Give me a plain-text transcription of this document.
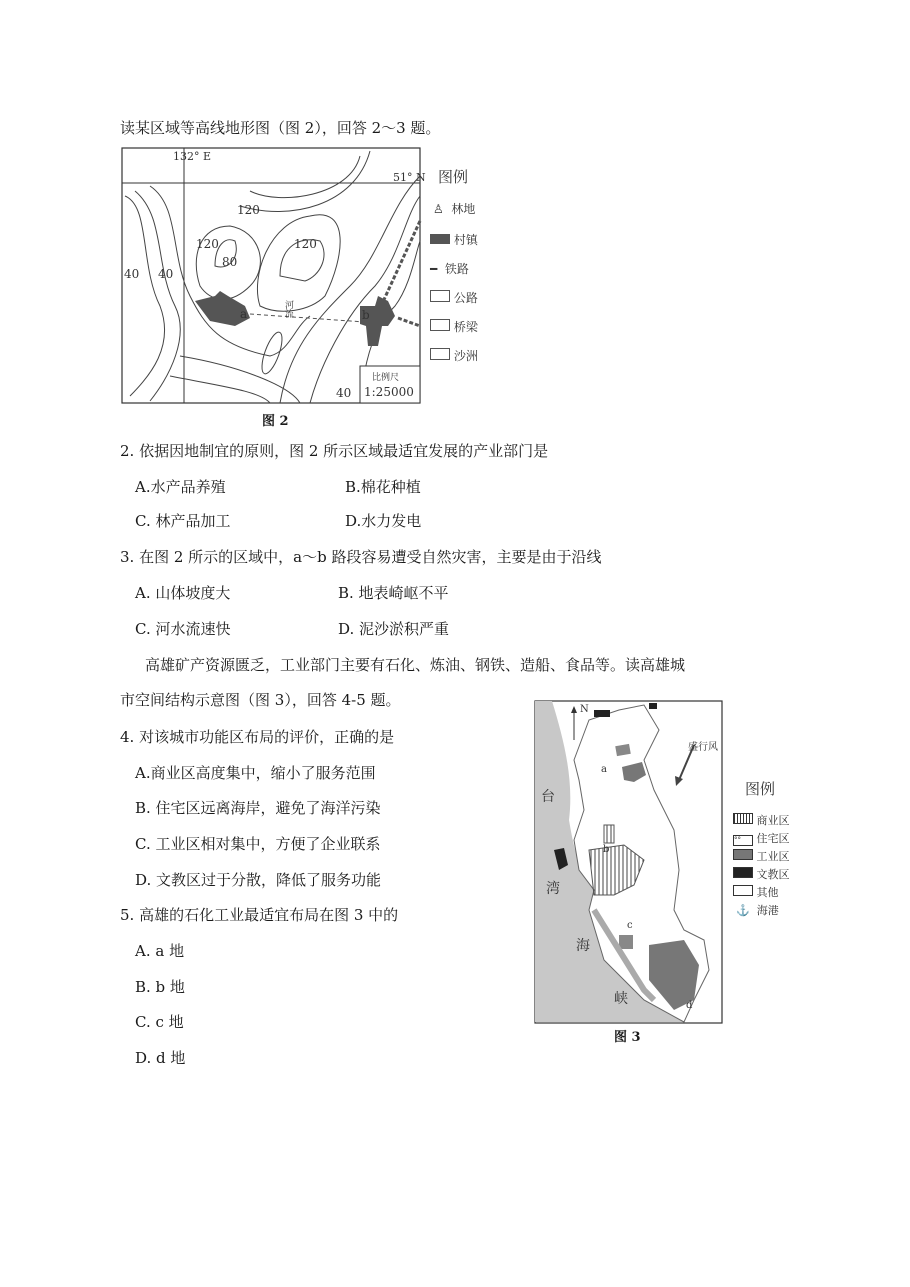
读某区域等高线地形图（图 2），回答 2～3 题。
132° E
51° N
120
120	120
80
40 40
40
a	b
河流
比例尺
1:25000
图例
♙ 林地
村镇
━ 铁路
公路
桥梁
沙洲
图 2
2. 依据因地制宜的原则，图 2 所示区域最适宜发展的产业部门是
A.水产品养殖	B.棉花种植
C. 林产品加工	D.水力发电
3. 在图 2 所示的区域中，a～b 路段容易遭受自然灾害，主要是由于沿线
A. 山体坡度大	B. 地表崎岖不平
C. 河水流速快	D. 泥沙淤积严重
高雄矿产资源匮乏，工业部门主要有石化、炼油、钢铁、造船、食品等。读高雄城
市空间结构示意图（图 3），回答 4-5 题。
4. 对该城市功能区布局的评价，正确的是
A.商业区高度集中，缩小了服务范围
B. 住宅区远离海岸，避免了海洋污染
C. 工业区相对集中，方便了企业联系
D. 文教区过于分散，降低了服务功能
5. 高雄的石化工业最适宜布局在图 3 中的
A. a 地
B. b 地
C. c 地
D. d 地
N
盛行风
台
湾
海
峡
a
b
c
d
图例
商业区
°° 住宅区
工业区
文教区
其他
⚓ 海港
图 3
